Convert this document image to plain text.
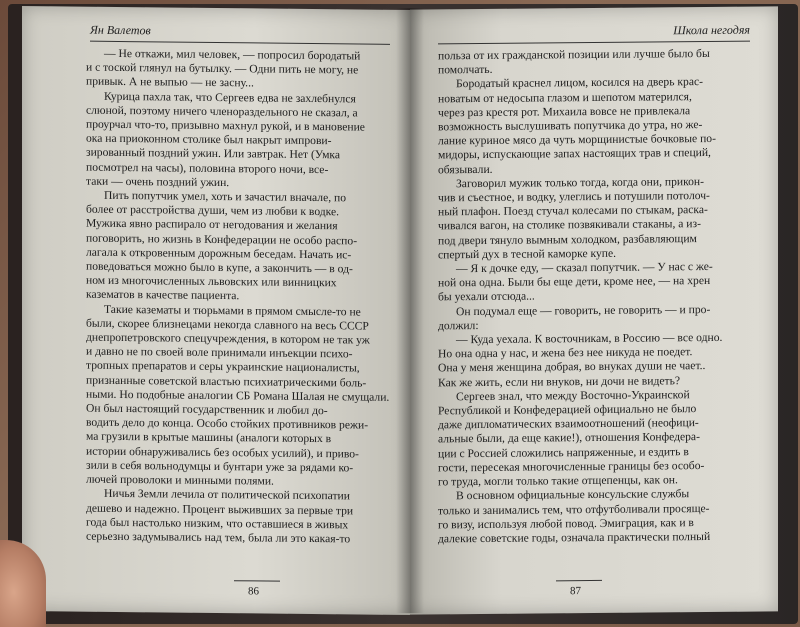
Ян Валетов
— Не откажи, мил человек, — попросил бородатый
и с тоской глянул на бутылку. — Одни пить не могу, не
привык. А не выпью — не засну...
Курица пахла так, что Сергеев едва не захлебнулся
слюной, поэтому ничего членораздельного не сказал, а
проурчал что-то, призывно махнул рукой, и в мановение
ока на приоконном столике был накрыт импрови-
зированный поздний ужин. Или завтрак. Нет (Умка
посмотрел на часы), половина второго ночи, все-
таки — очень поздний ужин.
Пить попутчик умел, хоть и зачастил вначале, по
более от расстройства души, чем из любви к водке.
Мужика явно распирало от негодования и желания
поговорить, но жизнь в Конфедерации не особо распо-
лагала к откровенным дорожным беседам. Начать ис-
поведоваться можно было в купе, а закончить — в од-
ном из многочисленных львовских или винницких
казематов в качестве пациента.
Такие казематы и тюрьмами в прямом смысле-то не
были, скорее близнецами некогда славного на весь СССР
днепропетровского спецучреждения, в котором не так уж
и давно не по своей воле принимали инъекции психо-
тропных препаратов и серы украинские националисты,
признанные советской властью психиатрическими боль-
ными. Но подобные аналогии СБ Романа Шалая не смущали.
Он был настоящий государственник и любил до-
водить дело до конца. Особо стойких противников режи-
ма грузили в крытые машины (аналоги которых в
истории обнаруживались без особых усилий), и приво-
зили в себя вольнодумцы и бунтари уже за рядами ко-
лючей проволоки и минными полями.
Ничья Земли лечила от политической психопатии
дешево и надежно. Процент выживших за первые три
года был настолько низким, что оставшиеся в живых
серьезно задумывались над тем, была ли это какая-то
86
Школа негодяя
польза от их гражданской позиции или лучше было бы
помолчать.
Бородатый краснел лицом, косился на дверь крас-
новатым от недосыпа глазом и шепотом матерился,
через раз крестя рот. Михаила вовсе не привлекала
возможность выслушивать попутчика до утра, но же-
лание куриное мясо да чуть морщинистые бочковые по-
мидоры, испускающие запах настоящих трав и специй,
обязывали.
Заговорил мужик только тогда, когда они, прикон-
чив и съестное, и водку, улеглись и потушили потолоч-
ный плафон. Поезд стучал колесами по стыкам, раска-
чивался вагон, на столике позвякивали стаканы, а из-
под двери тянуло вымным холодком, разбавляющим
спертый дух в тесной каморке купе.
— Я к дочке еду, — сказал попутчик. — У нас с же-
ной она одна. Были бы еще дети, кроме нее, — на хрен
бы уехали отсюда...
Он подумал еще — говорить, не говорить — и про-
должил:
— Куда уехала. К восточникам, в Россию — все одно.
Но она одна у нас, и жена без нее никуда не поедет.
Она у меня женщина добрая, во внуках души не чает..
Как же жить, если ни внуков, ни дочи не видеть?
Сергеев знал, что между Восточно-Украинской
Республикой и Конфедерацией официально не было
даже дипломатических взаимоотношений (неофици-
альные были, да еще какие!), отношения Конфедера-
ции с Россией сложились напряженные, и ездить в
гости, пересекая многочисленные границы без особо-
го труда, могли только такие отщепенцы, как он.
В основном официальные консульские службы
только и занимались тем, что отфутболивали просяще-
го визу, используя любой повод. Эмиграция, как и в
далекие советские годы, означала практически полный
87
